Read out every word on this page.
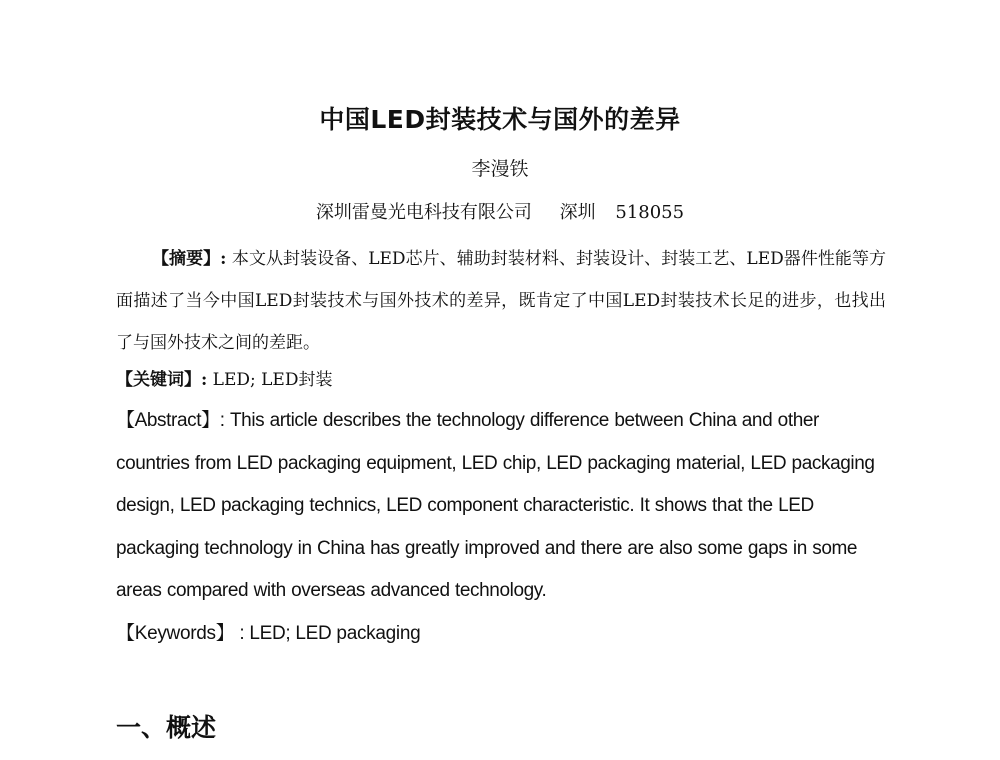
中国LED封装技术与国外的差异
李漫铁
深圳雷曼光电科技有限公司 深圳 518055
【摘要】: 本文从封装设备、LED芯片、辅助封装材料、封装设计、封装工艺、LED器件性能等方面描述了当今中国LED封装技术与国外技术的差异，既肯定了中国LED封装技术长足的进步，也找出了与国外技术之间的差距。
【关键词】: LED; LED封装
【Abstract】: This article describes the technology difference between China and other countries from LED packaging equipment, LED chip, LED packaging material, LED packaging design, LED packaging technics, LED component characteristic. It shows that the LED packaging technology in China has greatly improved and there are also some gaps in some areas compared with overseas advanced technology.
【Keywords】 : LED; LED packaging
一、概述
